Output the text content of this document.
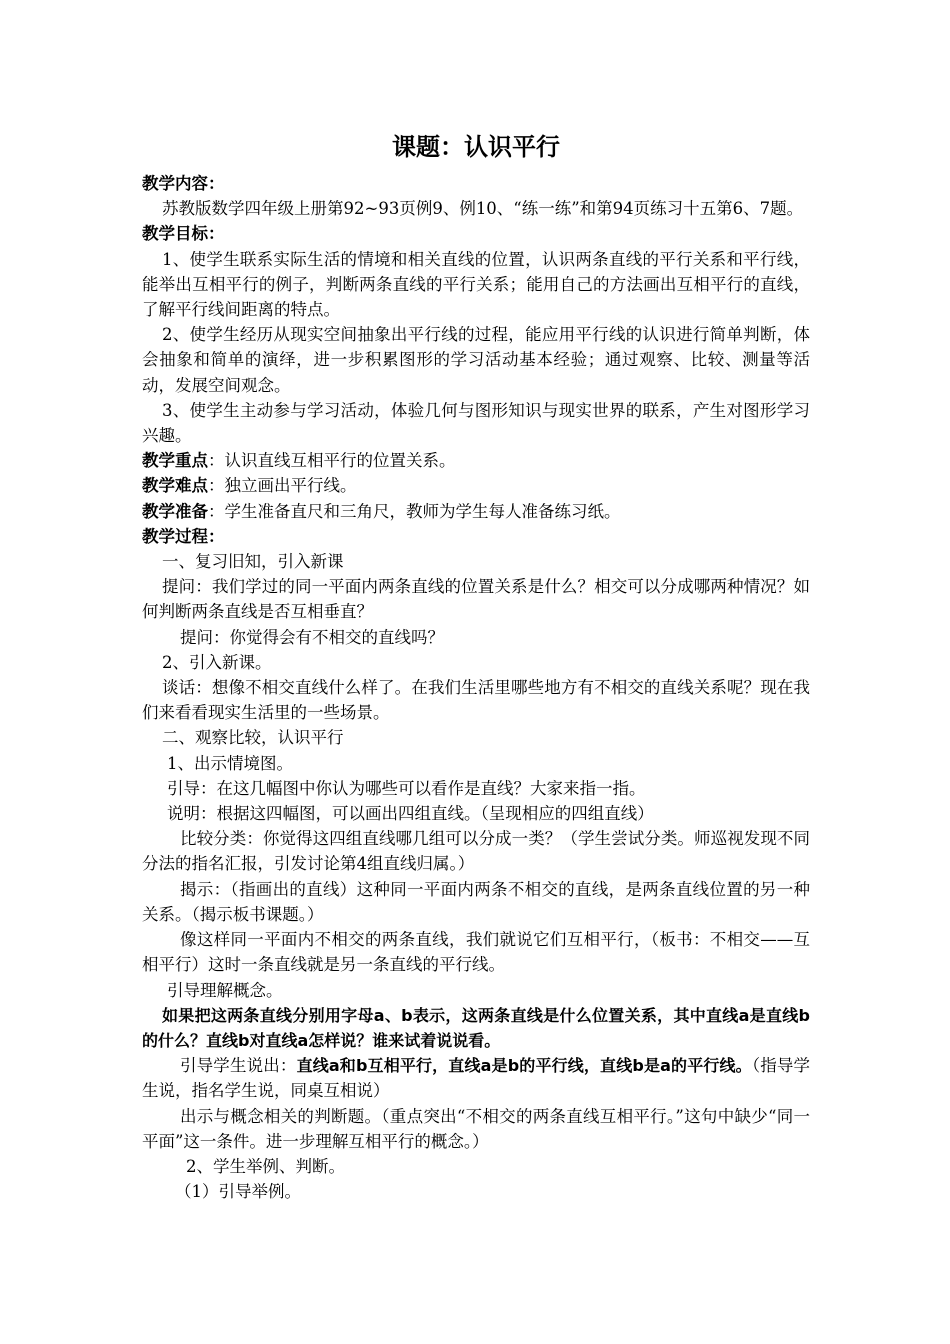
课题：认识平行

教学内容：

苏教版数学四年级上册第92~93页例9、例10、“练一练”和第94页练习十五第6、7题。

教学目标：

1、使学生联系实际生活的情境和相关直线的位置，认识两条直线的平行关系和平行线，能举出互相平行的例子，判断两条直线的平行关系；能用自己的方法画出互相平行的直线，了解平行线间距离的特点。

2、使学生经历从现实空间抽象出平行线的过程，能应用平行线的认识进行简单判断，体会抽象和简单的演绎，进一步积累图形的学习活动基本经验；通过观察、比较、测量等活动，发展空间观念。

3、使学生主动参与学习活动，体验几何与图形知识与现实世界的联系，产生对图形学习兴趣。

教学重点：认识直线互相平行的位置关系。

教学难点：独立画出平行线。

教学准备：学生准备直尺和三角尺，教师为学生每人准备练习纸。

教学过程：

一、复习旧知，引入新课

提问：我们学过的同一平面内两条直线的位置关系是什么？相交可以分成哪两种情况？如何判断两条直线是否互相垂直？

提问：你觉得会有不相交的直线吗？

2、引入新课。

谈话：想像不相交直线什么样了。在我们生活里哪些地方有不相交的直线关系呢？现在我们来看看现实生活里的一些场景。

二、观察比较，认识平行

1、出示情境图。

引导：在这几幅图中你认为哪些可以看作是直线？大家来指一指。

说明：根据这四幅图，可以画出四组直线。（呈现相应的四组直线）

比较分类：你觉得这四组直线哪几组可以分成一类？（学生尝试分类。师巡视发现不同分法的指名汇报，引发讨论第4组直线归属。）

揭示：（指画出的直线）这种同一平面内两条不相交的直线，是两条直线位置的另一种关系。（揭示板书课题。）

像这样同一平面内不相交的两条直线，我们就说它们互相平行，（板书：不相交——互相平行）这时一条直线就是另一条直线的平行线。

引导理解概念。

如果把这两条直线分别用字母a、b表示，这两条直线是什么位置关系，其中直线a是直线b的什么？直线b对直线a怎样说？谁来试着说说看。

引导学生说出：直线a和b互相平行，直线a是b的平行线，直线b是a的平行线。（指导学生说，指名学生说，同桌互相说）

出示与概念相关的判断题。（重点突出“不相交的两条直线互相平行。”这句中缺少“同一平面”这一条件。进一步理解互相平行的概念。）

2、学生举例、判断。

（1）引导举例。
